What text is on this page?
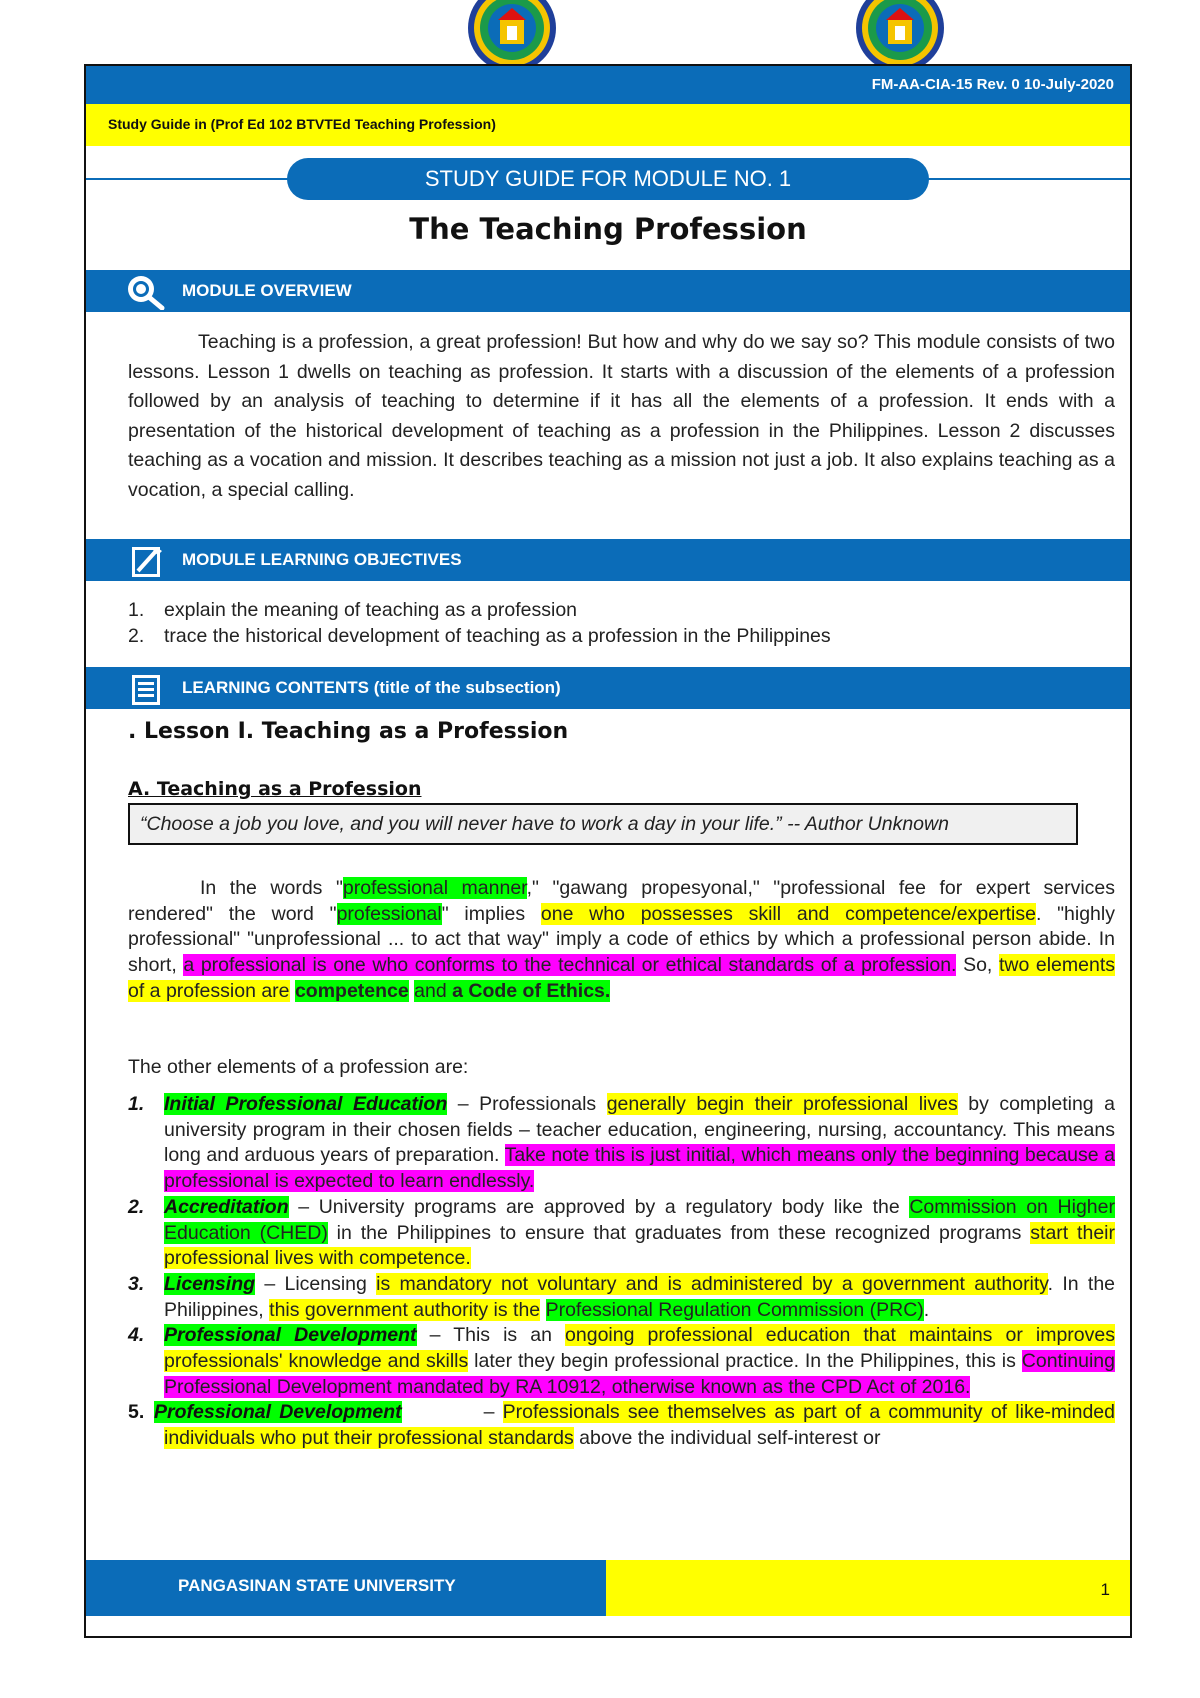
FM-AA-CIA-15 Rev. 0 10-July-2020
Study Guide in (Prof Ed 102 BTVTEd Teaching Profession)
STUDY GUIDE FOR MODULE NO. 1
The Teaching Profession
MODULE OVERVIEW

Teaching is a profession, a great profession! But how and why do we say so? This module consists of two lessons. Lesson 1 dwells on teaching as profession. It starts with a discussion of the elements of a profession followed by an analysis of teaching to determine if it has all the elements of a profession. It ends with a presentation of the historical development of teaching as a profession in the Philippines. Lesson 2 discusses teaching as a vocation and mission. It describes teaching as a mission not just a job. It also explains teaching as a vocation, a special calling.

MODULE LEARNING OBJECTIVES
1. explain the meaning of teaching as a profession
2. trace the historical development of teaching as a profession in the Philippines
LEARNING CONTENTS (title of the subsection)
. Lesson I. Teaching as a Profession
A. Teaching as a Profession
“Choose a job you love, and you will never have to work a day in your life.” -- Author Unknown

In the words "professional manner," "gawang propesyonal," "professional fee for expert services rendered" the word "professional" implies one who possesses skill and competence/expertise. "highly professional" "unprofessional ... to act that way" imply a code of ethics by which a professional person abide. In short, a professional is one who conforms to the technical or ethical standards of a profession. So, two elements of a profession are competence and a Code of Ethics.

The other elements of a profession are:

1. Initial Professional Education – Professionals generally begin their professional lives by completing a university program in their chosen fields – teacher education, engineering, nursing, accountancy. This means long and arduous years of preparation. Take note this is just initial, which means only the beginning because a professional is expected to learn endlessly.
2. Accreditation – University programs are approved by a regulatory body like the Commission on Higher Education (CHED) in the Philippines to ensure that graduates from these recognized programs start their professional lives with competence.
3. Licensing – Licensing is mandatory not voluntary and is administered by a government authority. In the Philippines, this government authority is the Professional Regulation Commission (PRC).
4. Professional Development – This is an ongoing professional education that maintains or improves professionals' knowledge and skills later they begin professional practice. In the Philippines, this is Continuing Professional Development mandated by RA 10912, otherwise known as the CPD Act of 2016.
5. Professional Development          – Professionals see themselves as part of a community of like-minded individuals who put their professional standards above the individual self-interest or
PANGASINAN STATE UNIVERSITY	1
